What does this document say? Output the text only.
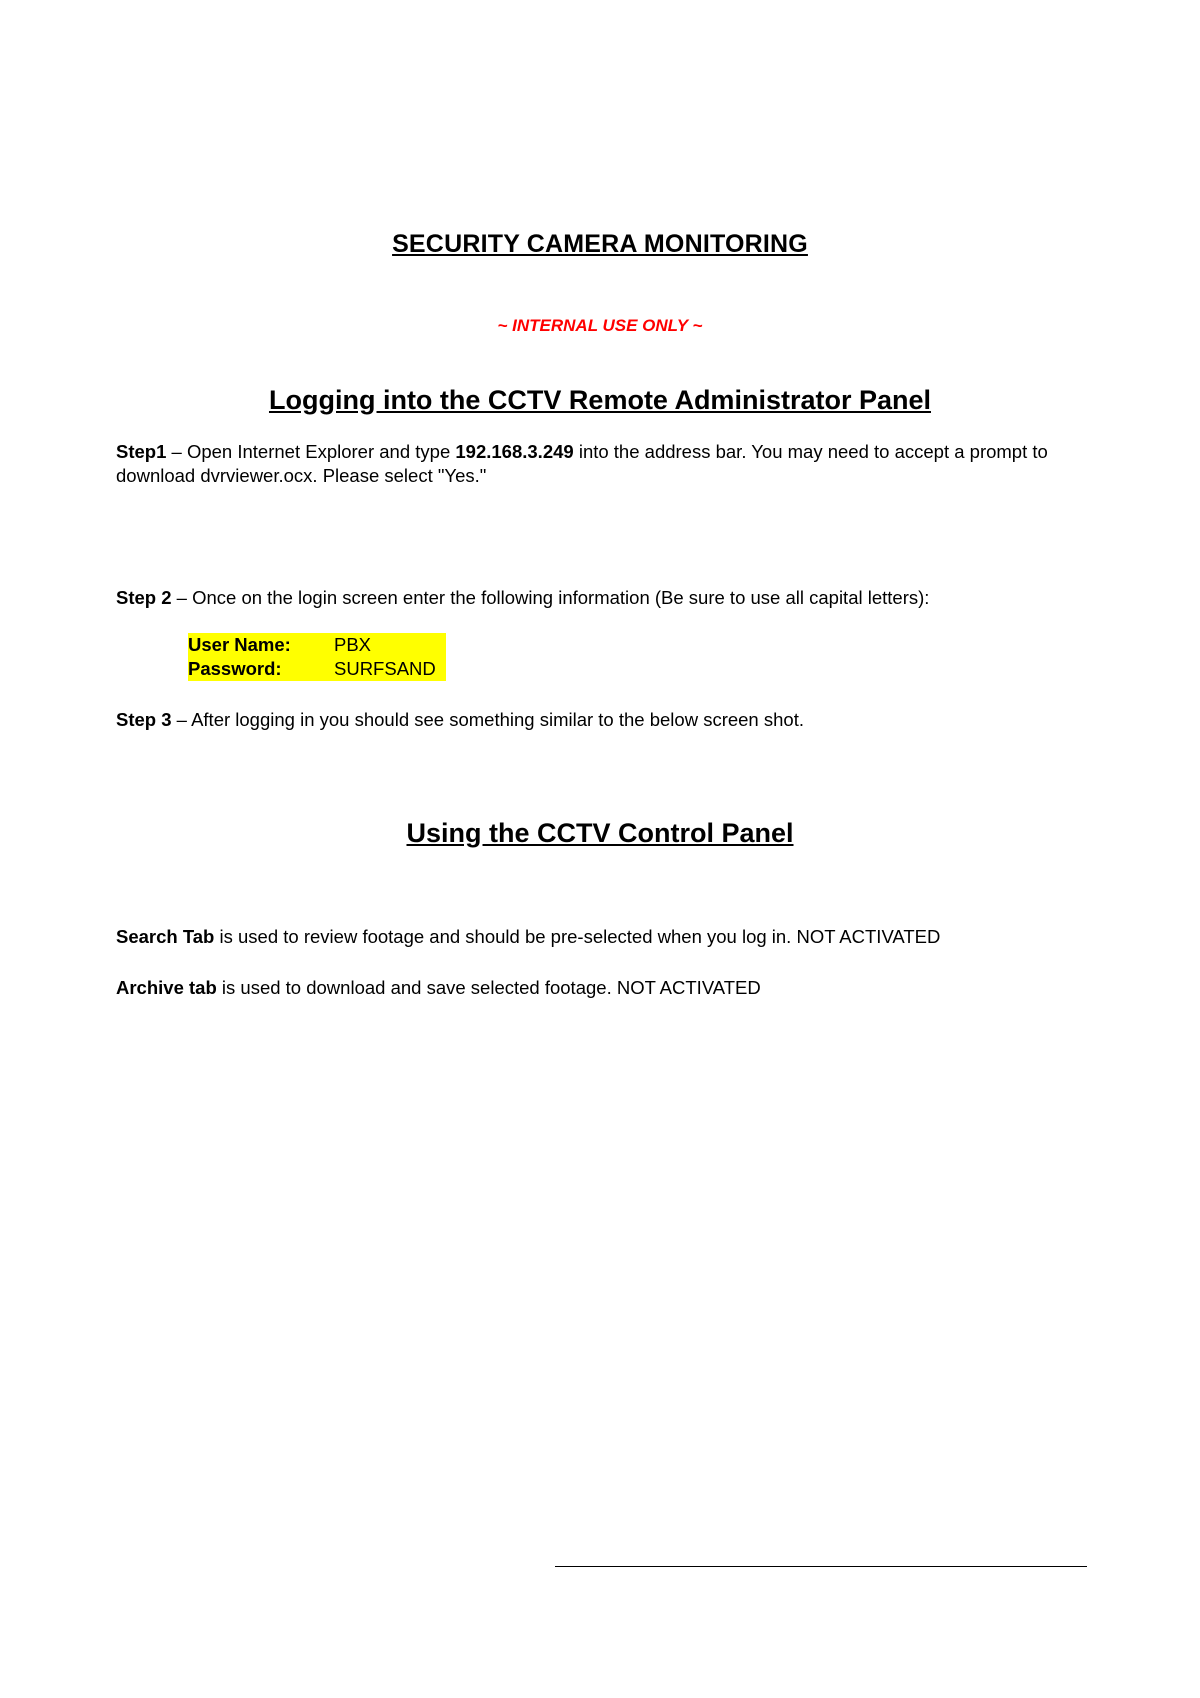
SECURITY CAMERA MONITORING
~ INTERNAL USE ONLY ~
Logging into the CCTV Remote Administrator Panel
Step1 – Open Internet Explorer and type 192.168.3.249 into the address bar. You may need to accept a prompt to download dvrviewer.ocx. Please select "Yes."
Step 2 – Once on the login screen enter the following information (Be sure to use all capital letters):
User Name:	PBX
Password:	SURFSAND
Step 3 – After logging in you should see something similar to the below screen shot.
Using the CCTV Control Panel
Search Tab is used to review footage and should be pre-selected when you log in. NOT ACTIVATED
Archive tab is used to download and save selected footage. NOT ACTIVATED
